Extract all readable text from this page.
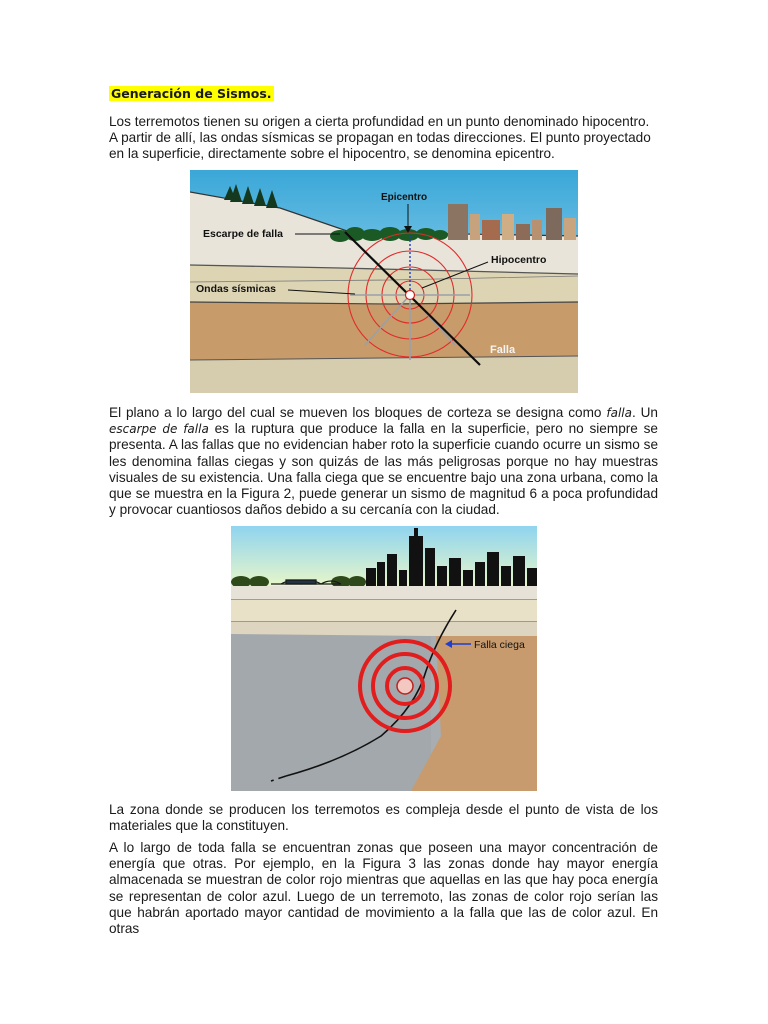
Generación de Sismos.

Los terremotos tienen su origen a cierta profundidad en un punto denominado hipocentro. A partir de allí, las ondas sísmicas se propagan en todas direcciones. El punto proyectado en la superficie, directamente sobre el hipocentro, se denomina epicentro.

Epicentro
Escarpe de falla
Hipocentro
Ondas sísmicas
Falla

El plano a lo largo del cual se mueven los bloques de corteza se designa como falla. Un escarpe de falla es la ruptura que produce la falla en la superficie, pero no siempre se presenta. A las fallas que no evidencian haber roto la superficie cuando ocurre un sismo se les denomina fallas ciegas y son quizás de las más peligrosas porque no hay muestras visuales de su existencia. Una falla ciega que se encuentre bajo una zona urbana, como la que se muestra en la Figura 2, puede generar un sismo de magnitud 6 a poca profundidad y provocar cuantiosos daños debido a su cercanía con la ciudad.

Falla ciega

La zona donde se producen los terremotos es compleja desde el punto de vista de los materiales que la constituyen.

A lo largo de toda falla se encuentran zonas que poseen una mayor concentración de energía que otras. Por ejemplo, en la Figura 3 las zonas donde hay mayor energía almacenada se muestran de color rojo mientras que aquellas en las que hay poca energía se representan de color azul. Luego de un terremoto, las zonas de color rojo serían las que habrán aportado mayor cantidad de movimiento a la falla que las de color azul. En otras
